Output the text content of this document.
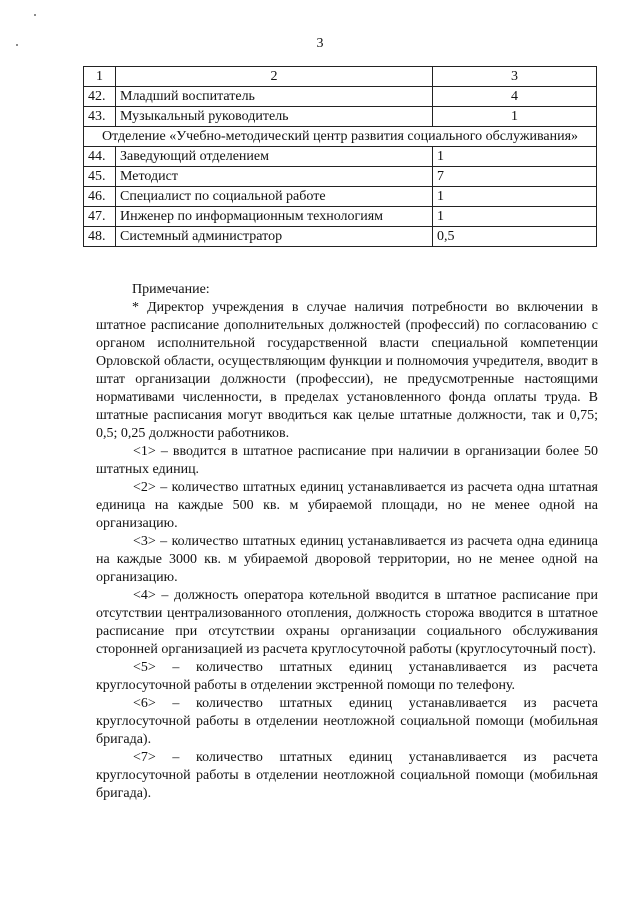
3
1	2	3
42.	Младший воспитатель	4
43.	Музыкальный руководитель	1
Отделение «Учебно-методический центр развития социального обслуживания»		
44.	Заведующий отделением	1
45.	Методист	7
46.	Специалист по социальной работе	1
47.	Инженер по информационным технологиям	1
48.	Системный администратор	0,5

Примечание:

* Директор учреждения в случае наличия потребности во включении в штатное расписание дополнительных должностей (профессий) по согласованию с органом исполнительной государственной власти специальной компетенции Орловской области, осуществляющим функции и полномочия учредителя, вводит в штат организации должности (профессии), не предусмотренные настоящими нормативами численности, в пределах установленного фонда оплаты труда. В штатные расписания могут вводиться как целые штатные должности, так и 0,75; 0,5; 0,25 должности работников.

<1> – вводится в штатное расписание при наличии в организации более 50 штатных единиц.

<2> – количество штатных единиц устанавливается из расчета одна штатная единица на каждые 500 кв. м убираемой площади, но не менее одной на организацию.

<3> – количество штатных единиц устанавливается из расчета одна единица на каждые 3000 кв. м убираемой дворовой территории, но не менее одной на организацию.

<4> – должность оператора котельной вводится в штатное расписание при отсутствии централизованного отопления, должность сторожа вводится в штатное расписание при отсутствии охраны организации социального обслуживания сторонней организацией из расчета круглосуточной работы (круглосуточный пост).

<5> – количество штатных единиц устанавливается из расчета круглосуточной работы в отделении экстренной помощи по телефону.

<6> – количество штатных единиц устанавливается из расчета круглосуточной работы в отделении неотложной социальной помощи (мобильная бригада).

<7> – количество штатных единиц устанавливается из расчета круглосуточной работы в отделении неотложной социальной помощи (мобильная бригада).
